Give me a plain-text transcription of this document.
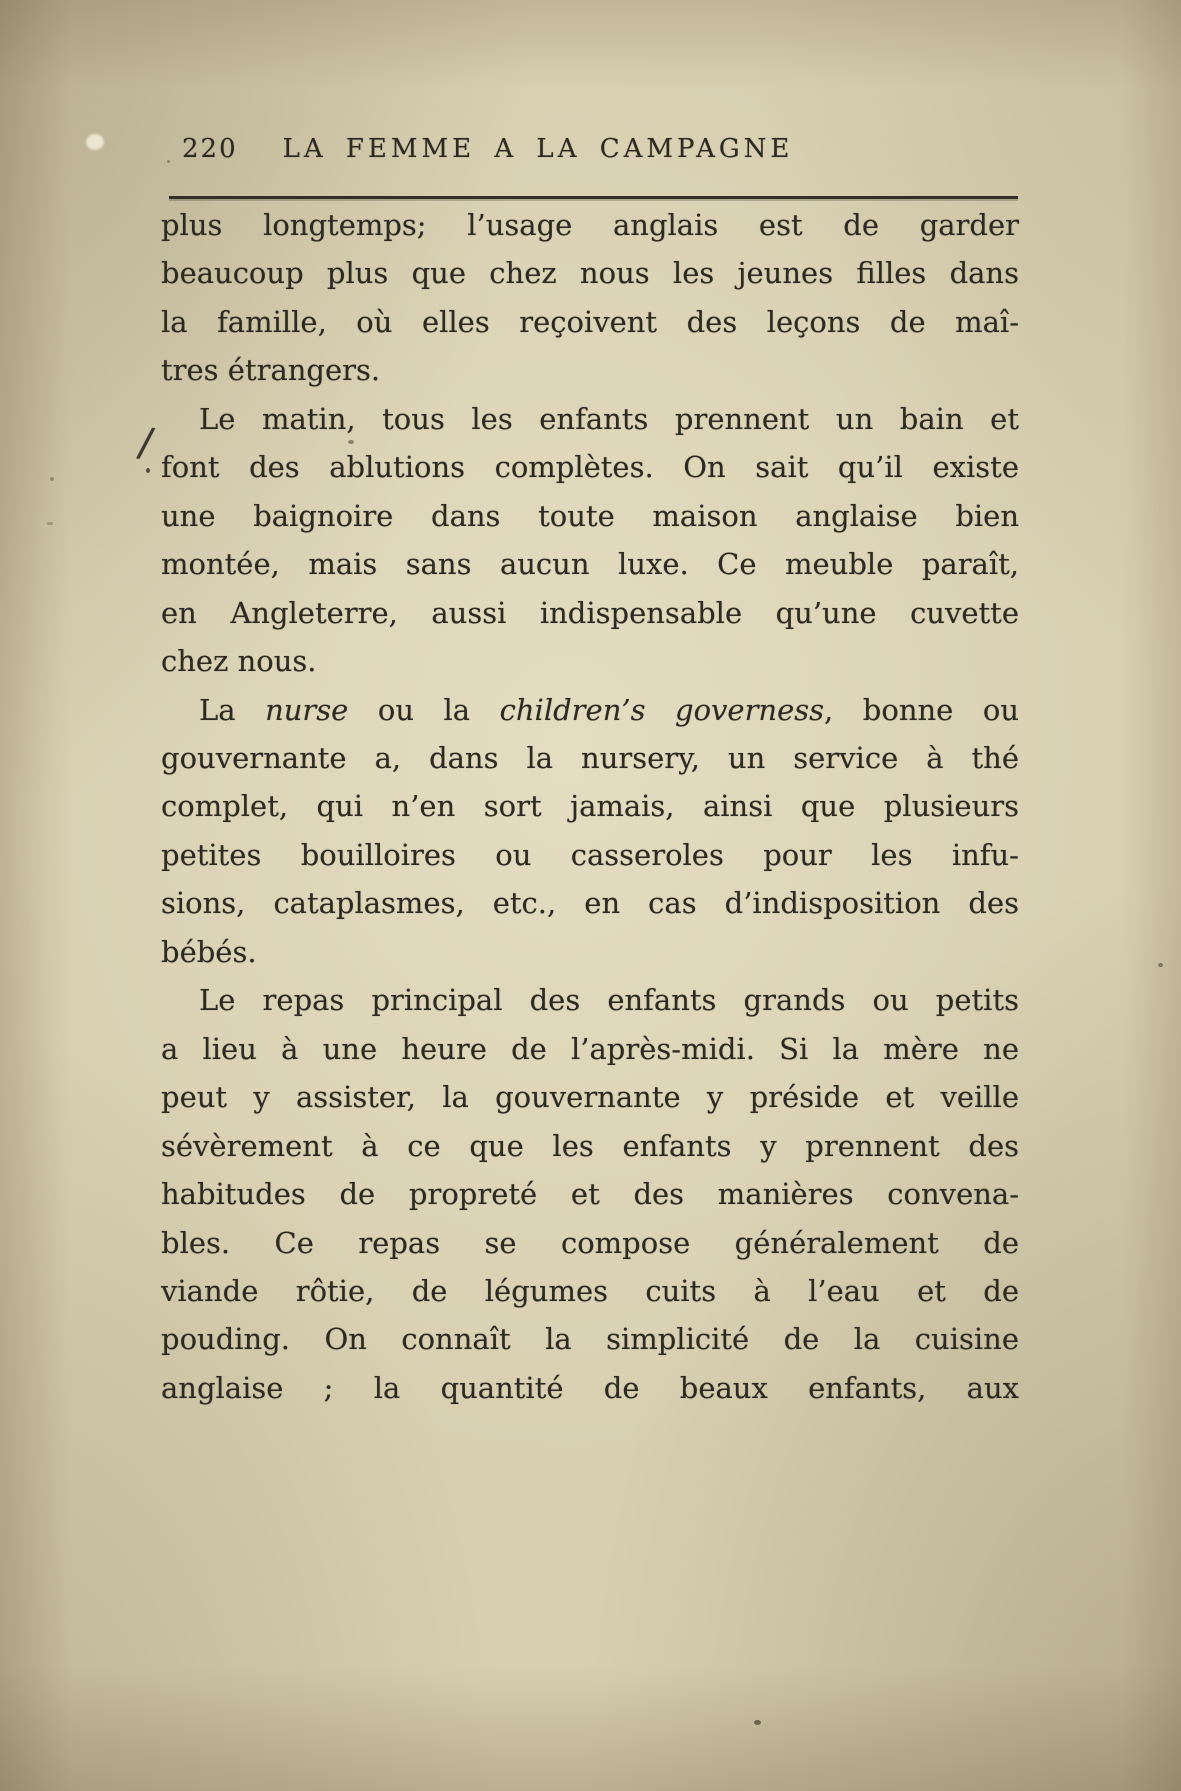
220	LA FEMME A LA CAMPAGNE
plus longtemps; l’usage anglais est de garder
beaucoup plus que chez nous les jeunes filles dans
la famille, où elles reçoivent des leçons de maî-
tres étrangers.
Le matin, tous les enfants prennent un bain et
font des ablutions complètes. On sait qu’il existe
une baignoire dans toute maison anglaise bien
montée, mais sans aucun luxe. Ce meuble paraît,
en Angleterre, aussi indispensable qu’une cuvette
chez nous.
La nurse ou la children’s governess, bonne ou
gouvernante a, dans la nursery, un service à thé
complet, qui n’en sort jamais, ainsi que plusieurs
petites bouilloires ou casseroles pour les infu-
sions, cataplasmes, etc., en cas d’indisposition des
bébés.
Le repas principal des enfants grands ou petits
a lieu à une heure de l’après-midi. Si la mère ne
peut y assister, la gouvernante y préside et veille
sévèrement à ce que les enfants y prennent des
habitudes de propreté et des manières convena-
bles. Ce repas se compose généralement de
viande rôtie, de légumes cuits à l’eau et de
pouding. On connaît la simplicité de la cuisine
anglaise ; la quantité de beaux enfants, aux
/
